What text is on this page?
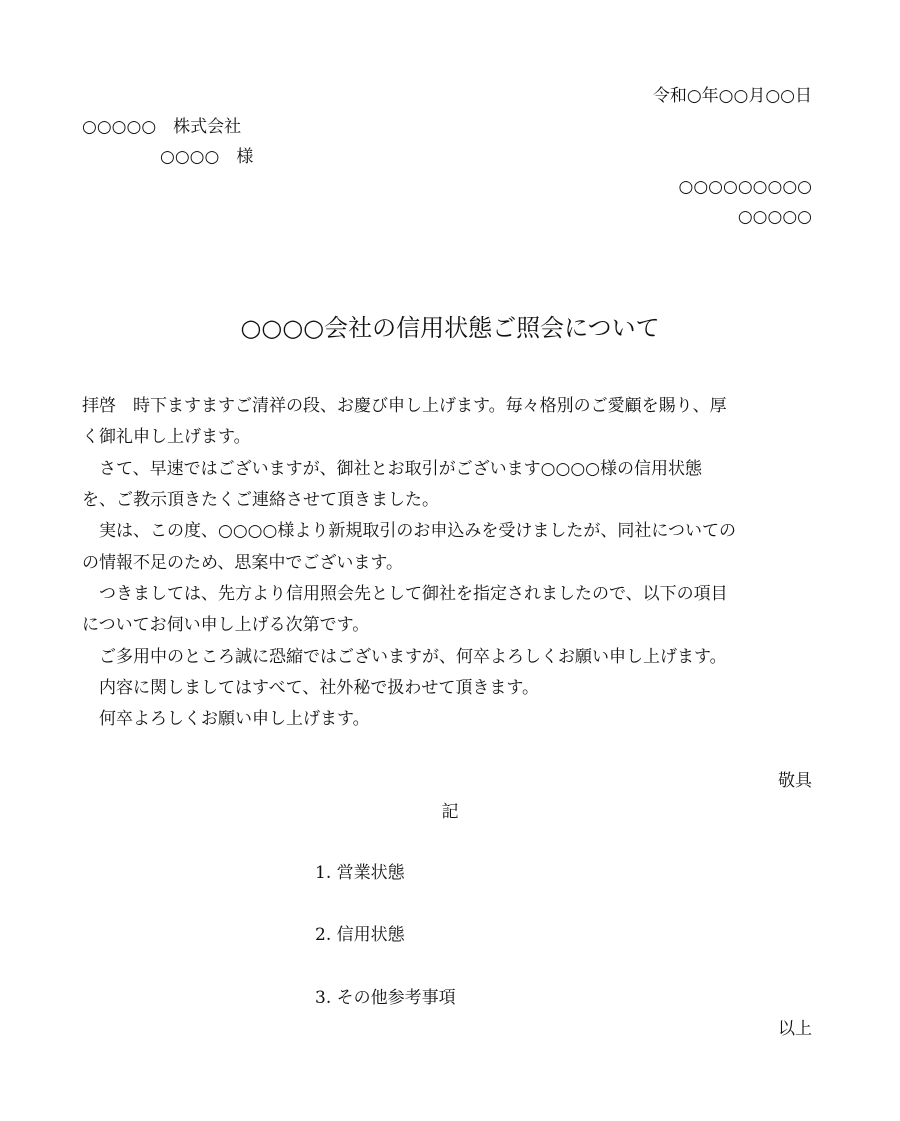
令和○年○○月○○日
○○○○○　株式会社
○○○○　様
○○○○○○○○○
○○○○○
○○○○会社の信用状態ご照会について
拝啓　時下ますますご清祥の段、お慶び申し上げます。毎々格別のご愛顧を賜り、厚
く御礼申し上げます。
　さて、早速ではございますが、御社とお取引がございます○○○○様の信用状態
を、ご教示頂きたくご連絡させて頂きました。
　実は、この度、○○○○様より新規取引のお申込みを受けましたが、同社についての
の情報不足のため、思案中でございます。
　つきましては、先方より信用照会先として御社を指定されましたので、以下の項目
についてお伺い申し上げる次第です。
　ご多用中のところ誠に恐縮ではございますが、何卒よろしくお願い申し上げます。
　内容に関しましてはすべて、社外秘で扱わせて頂きます。
　何卒よろしくお願い申し上げます。
敬具
記
1. 営業状態
2. 信用状態
3. その他参考事項
以上
